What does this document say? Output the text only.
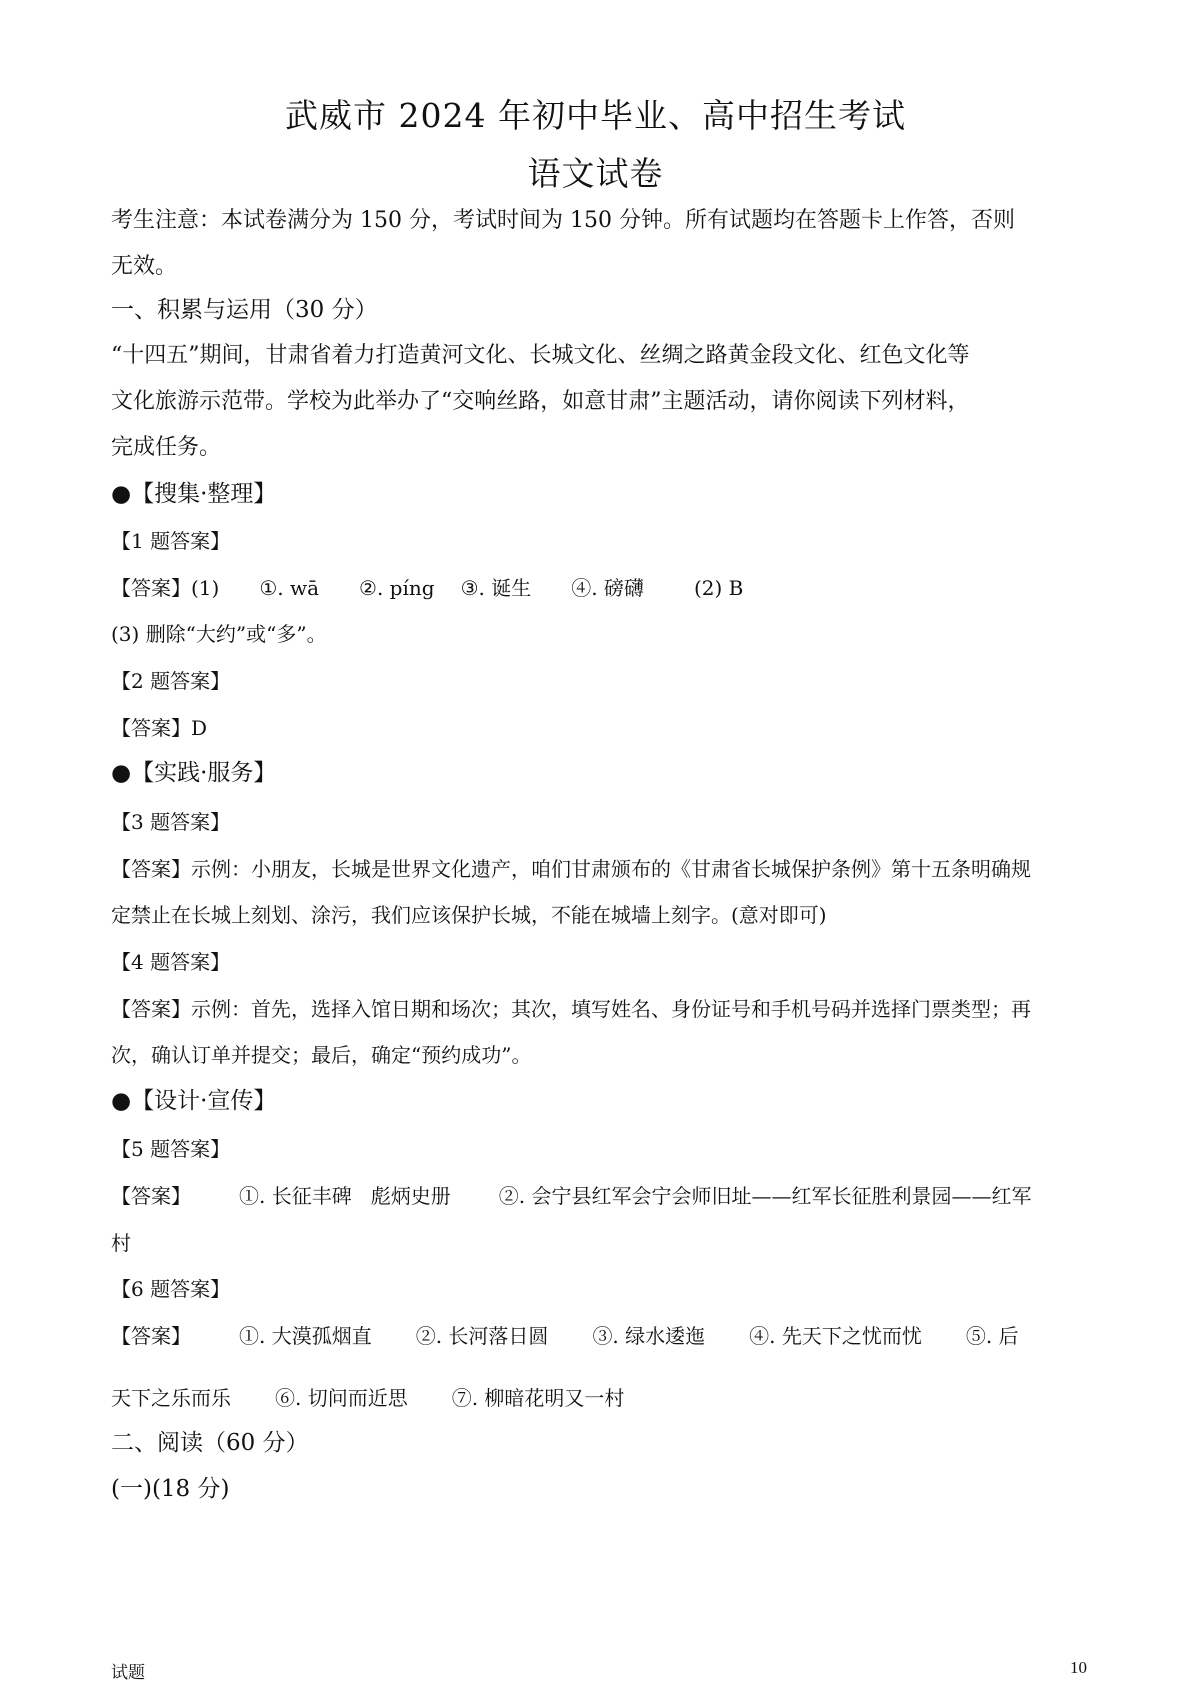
武威市 2024 年初中毕业、高中招生考试
语文试卷
考生注意：本试卷满分为 150 分，考试时间为 150 分钟。所有试题均在答题卡上作答，否则
无效。
一、积累与运用（30 分）
“十四五”期间，甘肃省着力打造黄河文化、长城文化、丝绸之路黄金段文化、红色文化等
文化旅游示范带。学校为此举办了“交响丝路，如意甘肃”主题活动，请你阅读下列材料，
完成任务。
●【搜集·整理】
【1 题答案】
【答案】(1) ①. wā ②. píng ③. 诞生 ④. 磅礴	(2) B
(3) 删除“大约”或“多”。
【2 题答案】
【答案】D
●【实践·服务】
【3 题答案】
【答案】示例：小朋友，长城是世界文化遗产，咱们甘肃颁布的《甘肃省长城保护条例》第十五条明确规
定禁止在长城上刻划、涂污，我们应该保护长城，不能在城墙上刻字。(意对即可)
【4 题答案】
【答案】示例：首先，选择入馆日期和场次；其次，填写姓名、身份证号和手机号码并选择门票类型；再
次，确认订单并提交；最后，确定“预约成功”。
●【设计·宣传】
【5 题答案】
【答案】 ①. 长征丰碑   彪炳史册 ②. 会宁县红军会宁会师旧址——红军长征胜利景园——红军
村
【6 题答案】
【答案】 ①. 大漠孤烟直 ②. 长河落日圆 ③. 绿水逶迤 ④. 先天下之忧而忧 ⑤. 后
天下之乐而乐 ⑥. 切问而近思 ⑦. 柳暗花明又一村
二、阅读（60 分）
(一)(18 分)
试题	10
